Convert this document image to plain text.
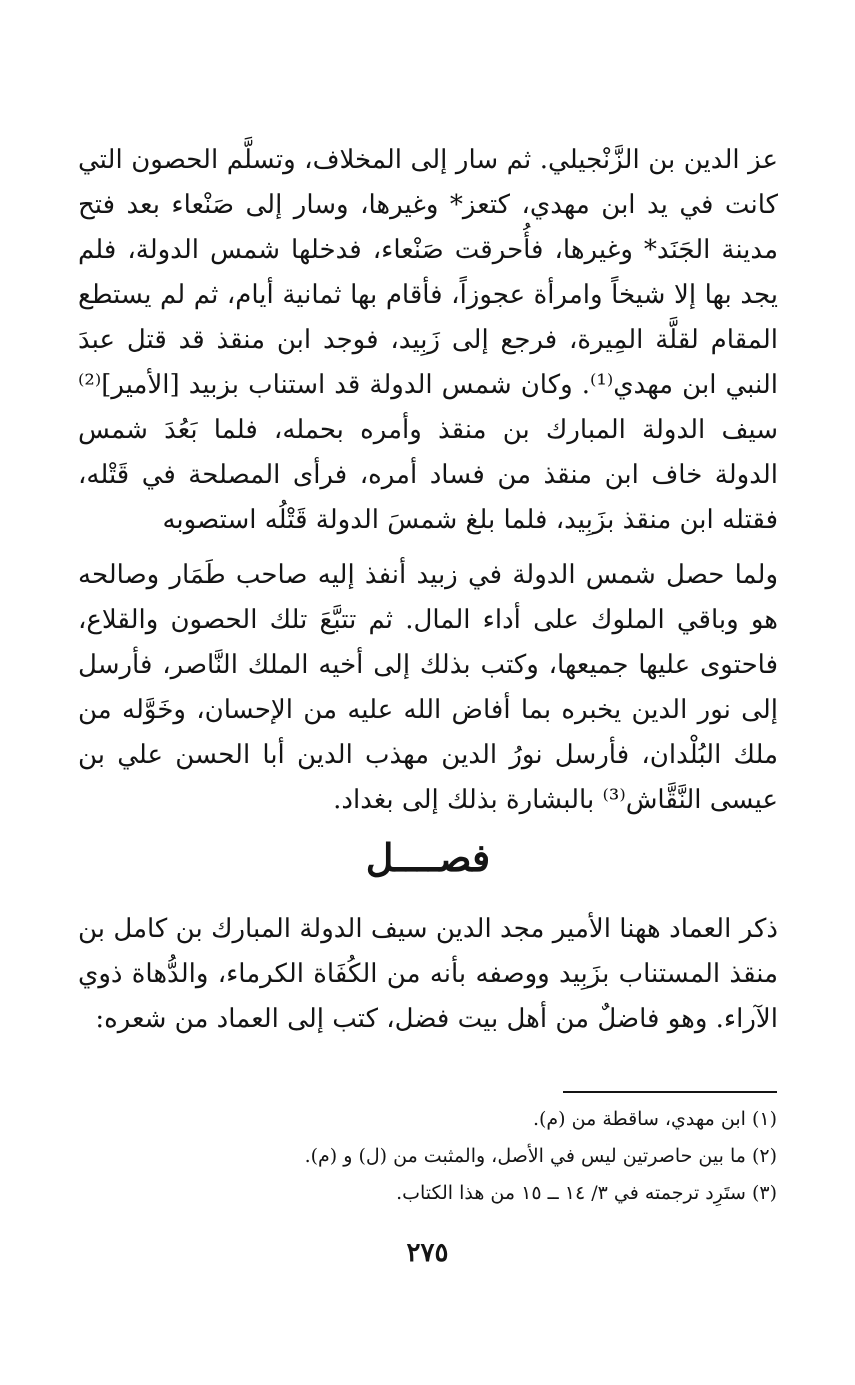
عز الدين بن الزَّنْجيلي. ثم سار إلى المخلاف، وتسلَّم الحصون التي كانت في يد ابن مهدي، كتعز* وغيرها، وسار إلى صَنْعاء بعد فتح مدينة الجَنَد* وغيرها، فأُحرقت صَنْعاء، فدخلها شمس الدولة، فلم يجد بها إلا شيخاً وامرأة عجوزاً، فأقام بها ثمانية أيام، ثم لم يستطع المقام لقلَّة المِيرة، فرجع إلى زَبِيد، فوجد ابن منقذ قد قتل عبدَ النبي ابن مهدي⁽¹⁾. وكان شمس الدولة قد استناب بزبيد [الأمير]⁽²⁾ سيف الدولة المبارك بن منقذ وأمره بحمله، فلما بَعُدَ شمس الدولة خاف ابن منقذ من فساد أمره، فرأى المصلحة في قَتْله، فقتله ابن منقذ بزَبِيد، فلما بلغ شمسَ الدولة قَتْلُه استصوبه

ولما حصل شمس الدولة في زبيد أنفذ إليه صاحب طَمَار وصالحه هو وباقي الملوك على أداء المال. ثم تتبَّعَ تلك الحصون والقلاع، فاحتوى عليها جميعها، وكتب بذلك إلى أخيه الملك النَّاصر، فأرسل إلى نور الدين يخبره بما أفاض الله عليه من الإحسان، وخَوَّله من ملك البُلْدان، فأرسل نورُ الدين مهذب الدين أبا الحسن علي بن عيسى النَّقَّاش⁽³⁾ بالبشارة بذلك إلى بغداد.

فصــــل

ذكر العماد ههنا الأمير مجد الدين سيف الدولة المبارك بن كامل بن منقذ المستناب بزَبِيد ووصفه بأنه من الكُفَاة الكرماء، والدُّهاة ذوي الآراء. وهو فاضلٌ من أهل بيت فضل، كتب إلى العماد من شعره:

(١) ابن مهدي، ساقطة من (م).

(٢) ما بين حاصرتين ليس في الأصل، والمثبت من (ل) و (م).

(٣) ستَرِد ترجمته في ٣/ ١٤ ــ ١٥ من هذا الكتاب.

٢٧٥
